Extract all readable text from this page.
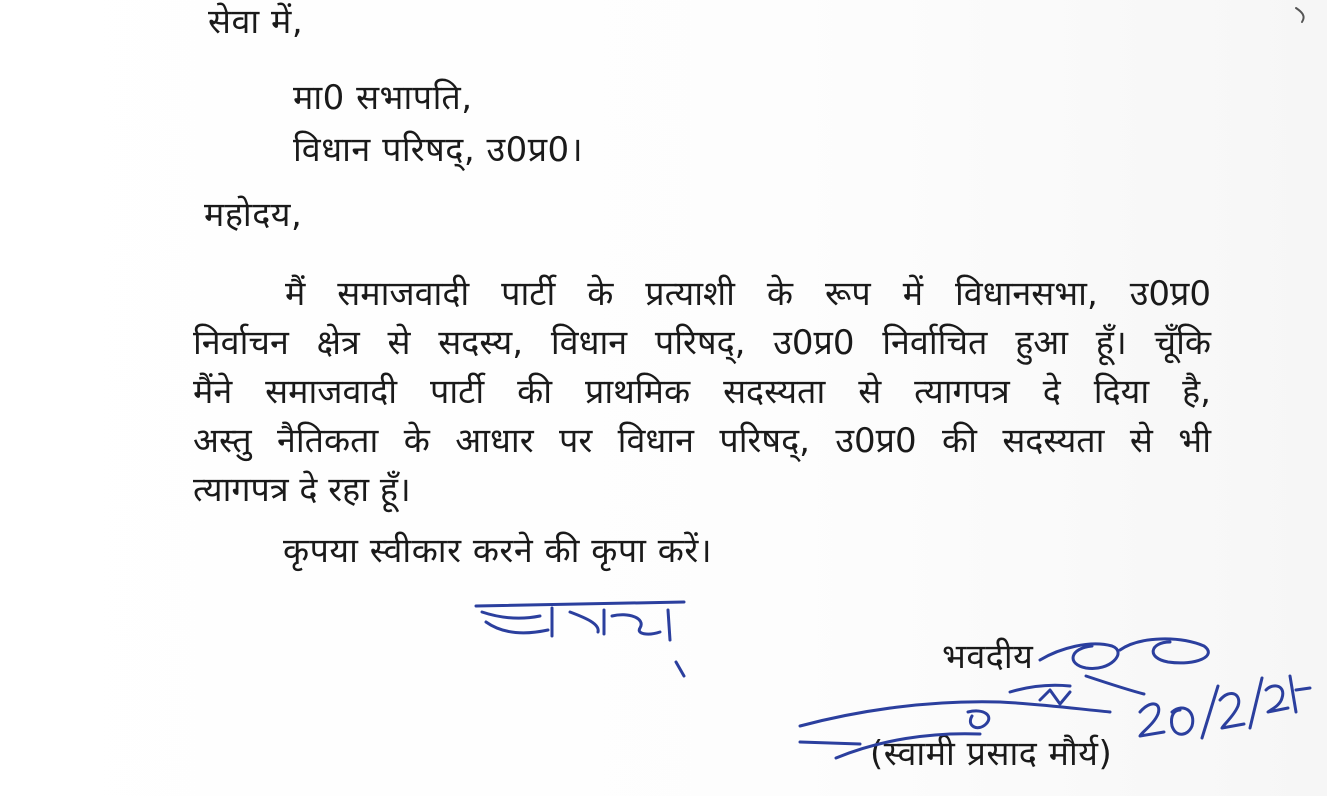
सेवा में,
मा0 सभापति,
विधान परिषद्, उ0प्र0।
महोदय,
मैं समाजवादी पार्टी के प्रत्याशी के रूप में विधानसभा, उ0प्र0
निर्वाचन क्षेत्र से सदस्य, विधान परिषद्, उ0प्र0 निर्वाचित हुआ हूँ। चूँकि
मैंने समाजवादी पार्टी की प्राथमिक सदस्यता से त्यागपत्र दे दिया है,
अस्तु नैतिकता के आधार पर विधान परिषद्, उ0प्र0 की सदस्यता से भी
त्यागपत्र दे रहा हूँ।
कृपया स्वीकार करने की कृपा करें।
भवदीय
(स्वामी प्रसाद मौर्य)
